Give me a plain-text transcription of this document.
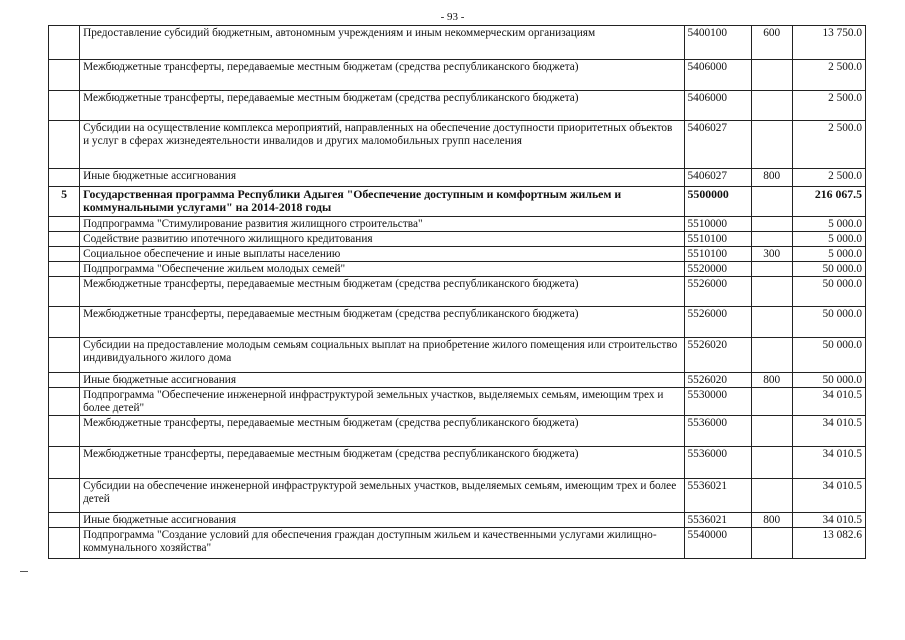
- 93 -
	Предоставление субсидий бюджетным, автономным учреждениям и иным некоммерческим организациям	5400100	600	13 750.0
	Межбюджетные трансферты, передаваемые местным бюджетам (средства республиканского бюджета)	5406000		2 500.0
	Межбюджетные трансферты, передаваемые местным бюджетам (средства республиканского бюджета)	5406000		2 500.0
	Субсидии на осуществление комплекса мероприятий, направленных на обеспечение доступности приоритетных объектов и услуг в сферах жизнедеятельности инвалидов и других маломобильных групп населения	5406027		2 500.0
	Иные бюджетные ассигнования	5406027	800	2 500.0
5	Государственная программа Республики Адыгея "Обеспечение доступным и комфортным жильем и коммунальными услугами" на 2014-2018 годы	5500000		216 067.5
	Подпрограмма "Стимулирование развития жилищного строительства"	5510000		5 000.0
	Содействие развитию ипотечного жилищного кредитования	5510100		5 000.0
	Социальное обеспечение и иные выплаты населению	5510100	300	5 000.0
	Подпрограмма "Обеспечение жильем молодых семей"	5520000		50 000.0
	Межбюджетные трансферты, передаваемые местным бюджетам (средства республиканского бюджета)	5526000		50 000.0
	Межбюджетные трансферты, передаваемые местным бюджетам (средства республиканского бюджета)	5526000		50 000.0
	Субсидии на предоставление молодым семьям социальных выплат на приобретение жилого помещения или строительство индивидуального жилого дома	5526020		50 000.0
	Иные бюджетные ассигнования	5526020	800	50 000.0
	Подпрограмма "Обеспечение инженерной инфраструктурой земельных участков, выделяемых семьям, имеющим трех и более детей"	5530000		34 010.5
	Межбюджетные трансферты, передаваемые местным бюджетам (средства республиканского бюджета)	5536000		34 010.5
	Межбюджетные трансферты, передаваемые местным бюджетам (средства республиканского бюджета)	5536000		34 010.5
	Субсидии на обеспечение инженерной инфраструктурой земельных участков, выделяемых семьям, имеющим трех и более детей	5536021		34 010.5
	Иные бюджетные ассигнования	5536021	800	34 010.5
	Подпрограмма "Создание условий для обеспечения граждан доступным жильем и качественными услугами жилищно-коммунального хозяйства"	5540000		13 082.6
